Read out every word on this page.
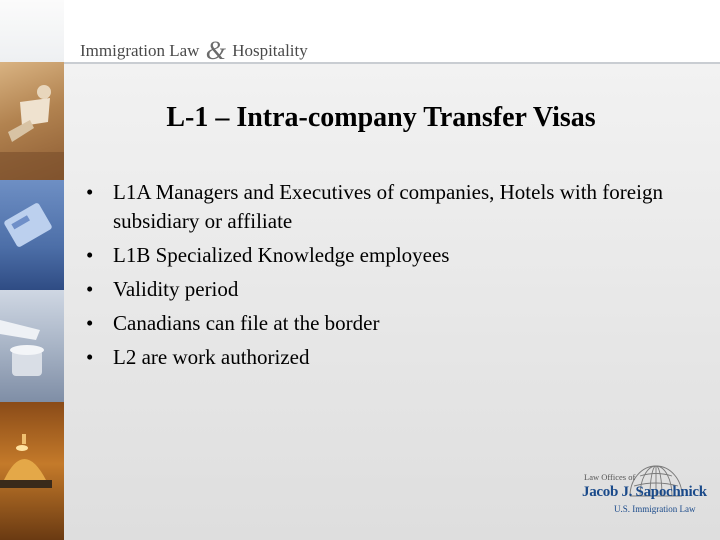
Immigration Law & Hospitality
L-1 – Intra-company Transfer Visas
• L1A Managers and Executives of companies, Hotels with foreign subsidiary or affiliate
• L1B Specialized Knowledge employees
• Validity period
• Canadians can file at the border
• L2 are work authorized
Law Offices of
Jacob J. Sapochnick
U.S. Immigration Law
